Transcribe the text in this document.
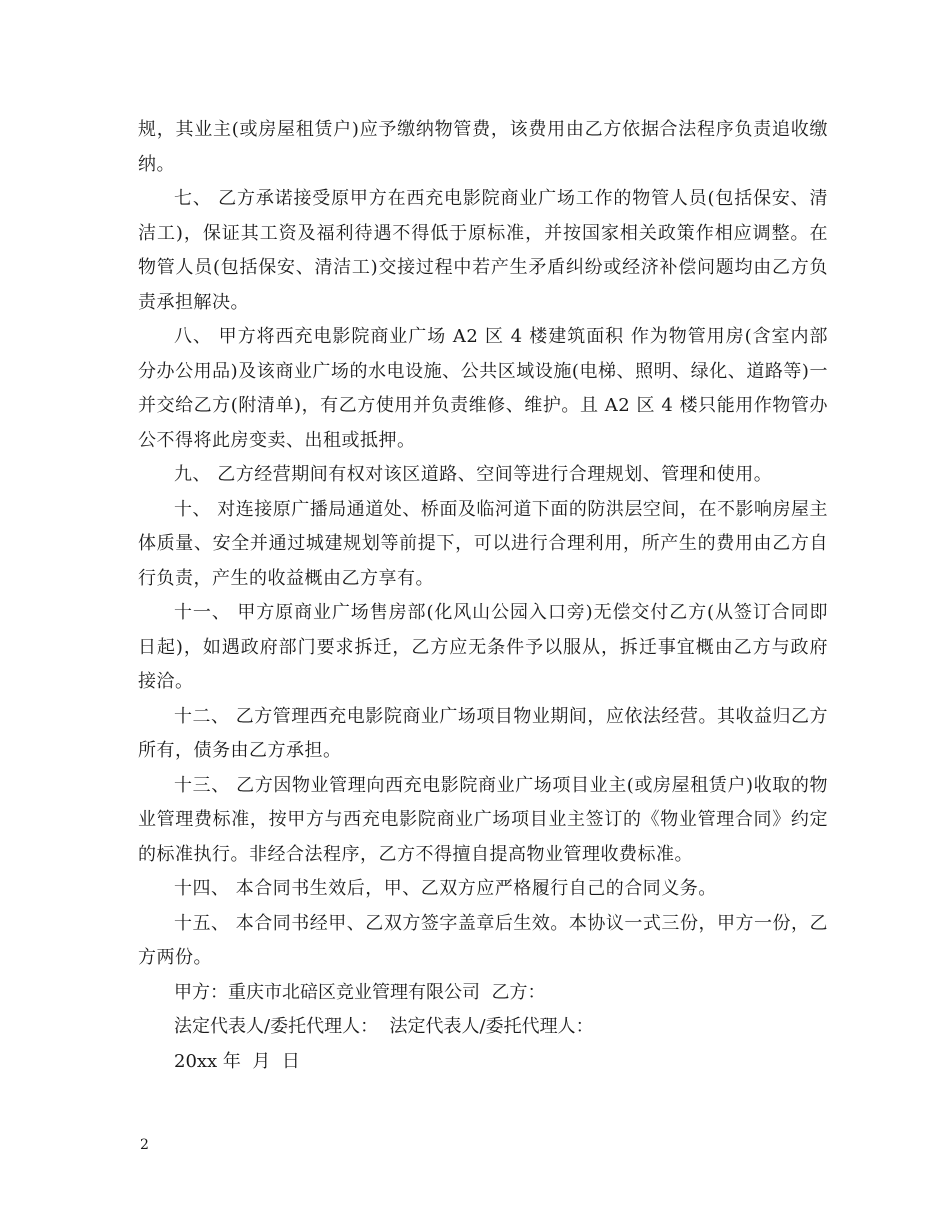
规，其业主(或房屋租赁户)应予缴纳物管费，该费用由乙方依据合法程序负责追收缴纳。

七、 乙方承诺接受原甲方在西充电影院商业广场工作的物管人员(包括保安、清洁工)，保证其工资及福利待遇不得低于原标准，并按国家相关政策作相应调整。在物管人员(包括保安、清洁工)交接过程中若产生矛盾纠纷或经济补偿问题均由乙方负责承担解决。

八、 甲方将西充电影院商业广场 A2 区 4 楼建筑面积 作为物管用房(含室内部分办公用品)及该商业广场的水电设施、公共区域设施(电梯、照明、绿化、道路等)一并交给乙方(附清单)，有乙方使用并负责维修、维护。且 A2 区 4 楼只能用作物管办公不得将此房变卖、出租或抵押。

九、 乙方经营期间有权对该区道路、空间等进行合理规划、管理和使用。

十、 对连接原广播局通道处、桥面及临河道下面的防洪层空间，在不影响房屋主体质量、安全并通过城建规划等前提下，可以进行合理利用，所产生的费用由乙方自行负责，产生的收益概由乙方享有。

十一、 甲方原商业广场售房部(化风山公园入口旁)无偿交付乙方(从签订合同即日起)，如遇政府部门要求拆迁，乙方应无条件予以服从，拆迁事宜概由乙方与政府接洽。

十二、 乙方管理西充电影院商业广场项目物业期间，应依法经营。其收益归乙方所有，债务由乙方承担。

十三、 乙方因物业管理向西充电影院商业广场项目业主(或房屋租赁户)收取的物业管理费标准，按甲方与西充电影院商业广场项目业主签订的《物业管理合同》约定的标准执行。非经合法程序，乙方不得擅自提高物业管理收费标准。

十四、 本合同书生效后，甲、乙双方应严格履行自己的合同义务。

十五、 本合同书经甲、乙双方签字盖章后生效。本协议一式三份，甲方一份，乙方两份。

甲方：重庆市北碚区竞业管理有限公司  乙方：

法定代表人/委托代理人：  法定代表人/委托代理人：

20xx 年  月  日

2
